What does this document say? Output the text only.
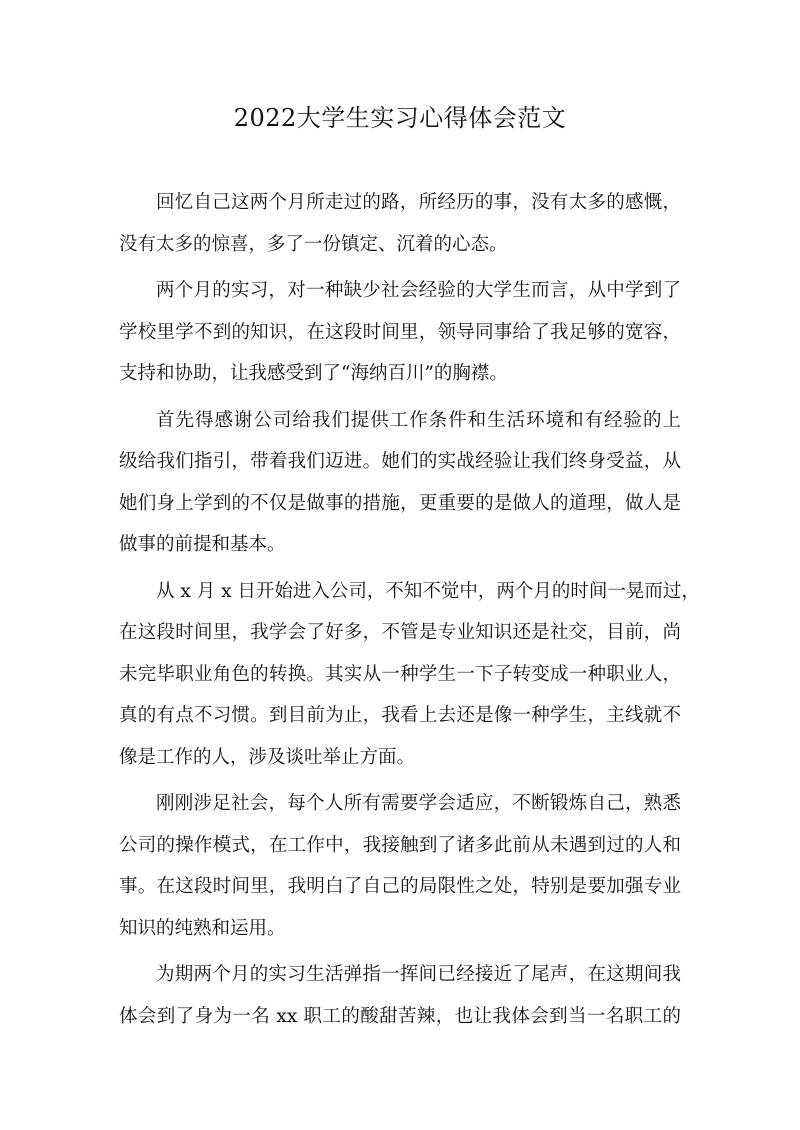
2022大学生实习心得体会范文

回忆自己这两个月所走过的路，所经历的事，没有太多的感慨，
没有太多的惊喜，多了一份镇定、沉着的心态。

两个月的实习，对一种缺少社会经验的大学生而言，从中学到了
学校里学不到的知识，在这段时间里，领导同事给了我足够的宽容，
支持和协助，让我感受到了“海纳百川”的胸襟。

首先得感谢公司给我们提供工作条件和生活环境和有经验的上
级给我们指引，带着我们迈进。她们的实战经验让我们终身受益，从
她们身上学到的不仅是做事的措施，更重要的是做人的道理，做人是
做事的前提和基本。

从 x 月 x 日开始进入公司，不知不觉中，两个月的时间一晃而过，
在这段时间里，我学会了好多，不管是专业知识还是社交，目前，尚
未完毕职业角色的转换。其实从一种学生一下子转变成一种职业人，
真的有点不习惯。到目前为止，我看上去还是像一种学生，主线就不
像是工作的人，涉及谈吐举止方面。

刚刚涉足社会，每个人所有需要学会适应，不断锻炼自己，熟悉
公司的操作模式，在工作中，我接触到了诸多此前从未遇到过的人和
事。在这段时间里，我明白了自己的局限性之处，特别是要加强专业
知识的纯熟和运用。

为期两个月的实习生活弹指一挥间已经接近了尾声，在这期间我
体会到了身为一名 xx 职工的酸甜苦辣，也让我体会到当一名职工的
